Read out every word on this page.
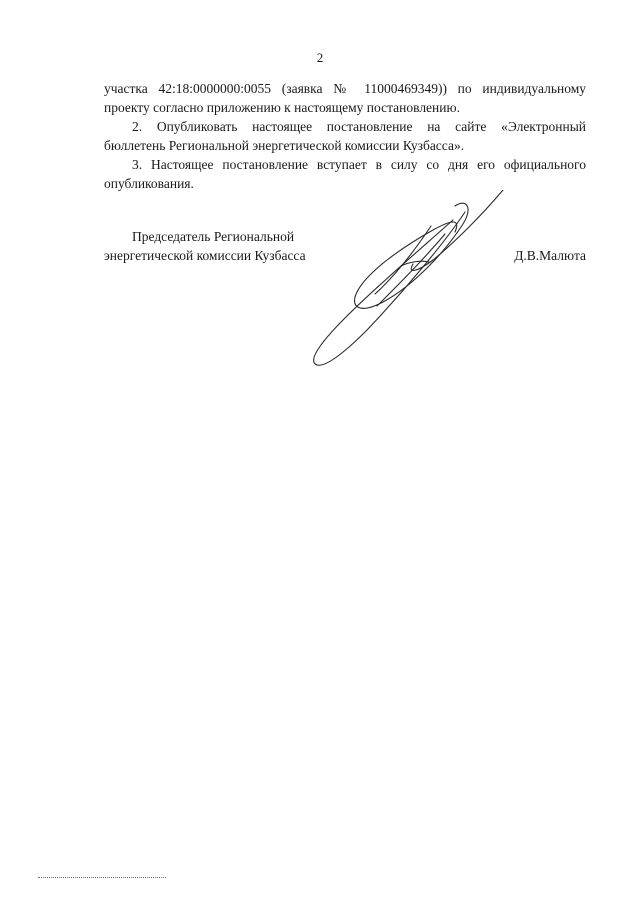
2

участка 42:18:0000000:0055 (заявка № 11000469349)) по индивидуальному
проекту согласно приложению к настоящему постановлению.

2. Опубликовать настоящее постановление на сайте «Электронный
бюллетень Региональной энергетической комиссии Кузбасса».

3. Настоящее постановление вступает в силу со дня его официального
опубликования.

Председатель Региональной
энергетической комиссии Кузбасса	Д.В.Малюта
